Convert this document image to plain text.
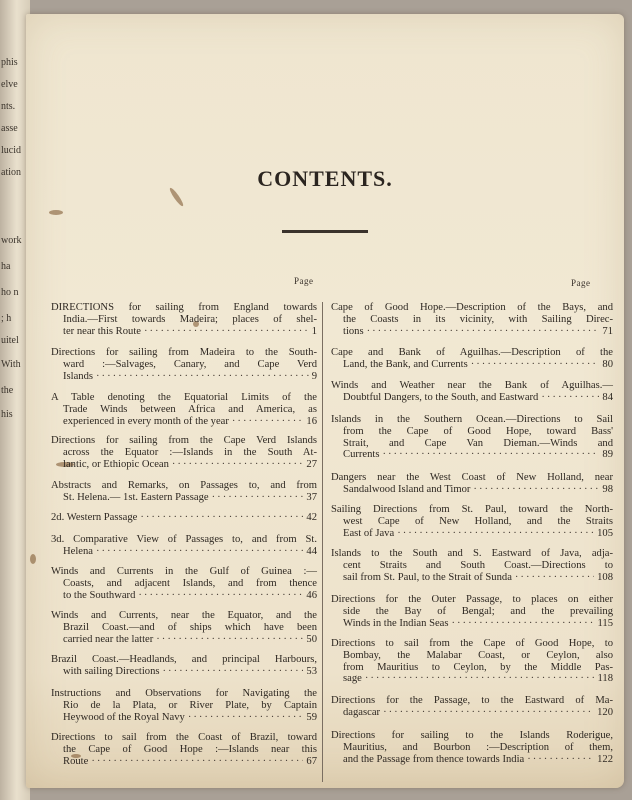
phis
elve
nts.
asse
lucid
ation
work
ha
ho n
; h
uitel
With
the
his
CONTENTS.
Page	Page
DIRECTIONS for sailing from England towards
India.—First towards Madeira; places of shel-
ter near this Route ·····	1
Directions for sailing from Madeira to the South-
ward :—Salvages, Canary, and Cape Verd
Islands ·····	9
A Table denoting the Equatorial Limits of the
Trade Winds between Africa and America, as
experienced in every month of the year ·····	16
Directions for sailing from the Cape Verd Islands
across the Equator :—Islands in the South At-
lantic, or Ethiopic Ocean ·····	27
Abstracts and Remarks, on Passages to, and from
St. Helena.— 1st. Eastern Passage ·····	37
2d. Western Passage ·····	42
3d. Comparative View of Passages to, and from St.
Helena ·····	44
Winds and Currents in the Gulf of Guinea :—
Coasts, and adjacent Islands, and from thence
to the Southward ·····	46
Winds and Currents, near the Equator, and the
Brazil Coast.—and of ships which have been
carried near the latter ·····	50
Brazil Coast.—Headlands, and principal Harbours,
with sailing Directions ·····	53
Instructions and Observations for Navigating the
Rio de la Plata, or River Plate, by Captain
Heywood of the Royal Navy ·····	59
Directions to sail from the Coast of Brazil, toward
the Cape of Good Hope :—Islands near this
Route ·····	67
Cape of Good Hope.—Description of the Bays, and
the Coasts in its vicinity, with Sailing Direc-
tions ·····	71
Cape and Bank of Aguilhas.—Description of the
Land, the Bank, and Currents ·····	80
Winds and Weather near the Bank of Aguilhas.—
Doubtful Dangers, to the South, and Eastward ·····	84
Islands in the Southern Ocean.—Directions to Sail
from the Cape of Good Hope, toward Bass'
Strait, and Cape Van Dieman.—Winds and
Currents ·····	89
Dangers near the West Coast of New Holland, near
Sandalwood Island and Timor ·····	98
Sailing Directions from St. Paul, toward the North-
west Cape of New Holland, and the Straits
East of Java ·····	105
Islands to the South and S. Eastward of Java, adja-
cent Straits and South Coast.—Directions to
sail from St. Paul, to the Strait of Sunda ·····	108
Directions for the Outer Passage, to places on either
side the Bay of Bengal; and the prevailing
Winds in the Indian Seas ·····	115
Directions to sail from the Cape of Good Hope, to
Bombay, the Malabar Coast, or Ceylon, also
from Mauritius to Ceylon, by the Middle Pas-
sage ·····	118
Directions for the Passage, to the Eastward of Ma-
dagascar ·····	120
Directions for sailing to the Islands Roderigue,
Mauritius, and Bourbon :—Description of them,
and the Passage from thence towards India ·····	122
